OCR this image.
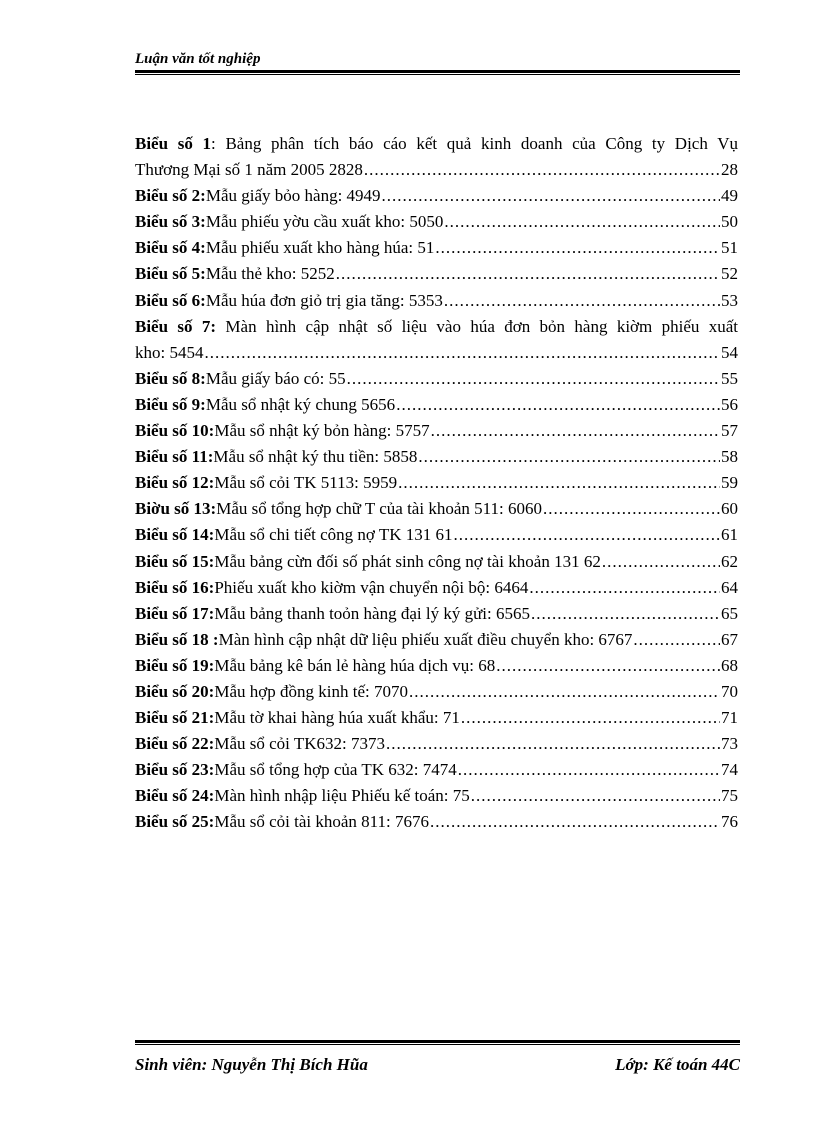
Luận văn tốt nghiệp
Biểu số 1: Bảng phân tích báo cáo kết quả kinh doanh của Công ty Dịch Vụ
Thương Mại số 1 năm 2005 2828 .....	28
Biểu số 2: Mẫu giấy bỏo hàng: 4949 .....	49
Biểu số 3: Mẫu phiếu yờu cầu xuất kho: 5050 .....	50
Biểu số 4: Mẫu phiếu xuất kho hàng húa: 51 .....	51
Biểu số 5: Mẫu thẻ kho: 5252 .....	52
Biểu số 6: Mẫu húa đơn giỏ trị gia tăng: 5353 .....	53
Biểu số 7: Màn hình cập nhật số liệu vào húa đơn bỏn hàng kiờm phiếu xuất
kho: 5454 .....	54
Biểu số 8: Mẫu giấy báo có: 55 .....	55
Biểu số 9: Mẫu sổ nhật ký chung 5656 .....	56
Biểu số 10: Mẫu sổ nhật ký bỏn hàng: 5757 .....	57
Biểu số 11: Mẫu sổ nhật ký thu tiền: 5858 .....	58
Biểu số 12: Mẫu sổ cỏi TK 5113: 5959 .....	59
Biờu số 13: Mẫu sổ tổng hợp chữ T của tài khoản 511: 6060 .....	60
Biểu số 14: Mẫu sổ chi tiết công nợ TK 131 61 .....	61
Biểu số 15: Mẫu bảng cừn đối số phát sinh công nợ tài khoản 131 62 .....	62
Biểu số 16: Phiếu xuất kho kiờm vận chuyển nội bộ: 6464 .....	64
Biểu số 17: Mẫu bảng thanh toỏn hàng đại lý ký gửi: 6565 .....	65
Biểu số 18 : Màn hình cập nhật dữ liệu phiếu xuất điều chuyển kho: 6767 .....	67
Biểu số 19: Mẫu bảng kê bán lẻ hàng húa dịch vụ: 68 .....	68
Biểu số 20: Mẫu hợp đồng kinh tế: 7070 .....	70
Biểu số 21: Mẫu tờ khai hàng húa xuất khẩu: 71 .....	71
Biểu số 22: Mẫu sổ cỏi TK632: 7373 .....	73
Biểu số 23: Mẫu sổ tổng hợp của TK 632: 7474 .....	74
Biểu số 24: Màn hình nhập liệu Phiếu kế toán: 75 .....	75
Biểu số 25: Mẫu sổ cỏi tài khoản 811: 7676 .....	76
Sinh viên: Nguyễn Thị Bích Hũa	Lớp: Kế toán 44C
